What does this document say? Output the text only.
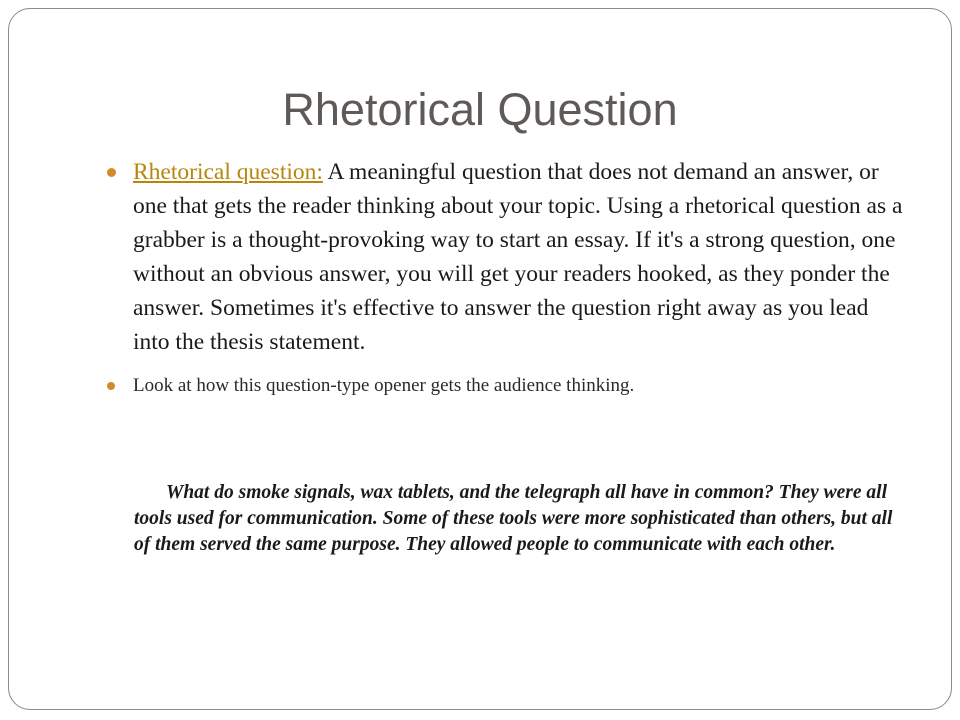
Rhetorical Question
Rhetorical question: A meaningful question that does not demand an answer, or one that gets the reader thinking about your topic. Using a rhetorical question as a grabber is a thought-provoking way to start an essay. If it's a strong question, one without an obvious answer, you will get your readers hooked, as they ponder the answer. Sometimes it's effective to answer the question right away as you lead into the thesis statement.
Look at how this question-type opener gets the audience thinking.

What do smoke signals, wax tablets, and the telegraph all have in common? They were all tools used for communication. Some of these tools were more sophisticated than others, but all of them served the same purpose. They allowed people to communicate with each other.
